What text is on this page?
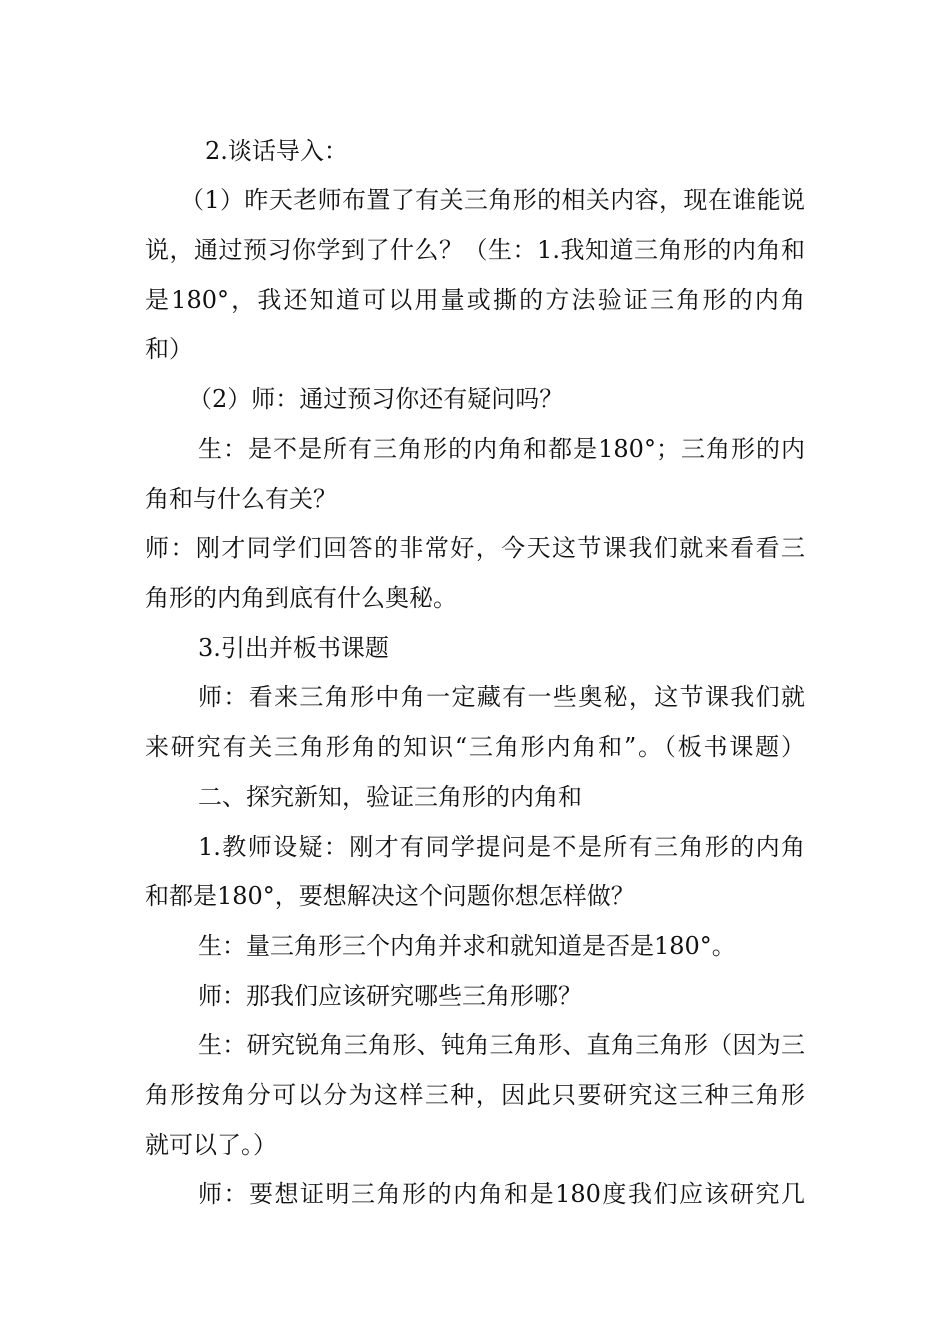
2.谈话导入：
（1）昨天老师布置了有关三角形的相关内容，现在谁能说
说，通过预习你学到了什么？（生：1.我知道三角形的内角和
是180°，我还知道可以用量或撕的方法验证三角形的内角
和）
（2）师：通过预习你还有疑问吗？
生：是不是所有三角形的内角和都是180°；三角形的内
角和与什么有关？
师：刚才同学们回答的非常好，今天这节课我们就来看看三
角形的内角到底有什么奥秘。
3.引出并板书课题
师：看来三角形中角一定藏有一些奥秘，这节课我们就
来研究有关三角形角的知识“三角形内角和”。（板书课题）
二、探究新知，验证三角形的内角和
1.教师设疑：刚才有同学提问是不是所有三角形的内角
和都是180°，要想解决这个问题你想怎样做？
生：量三角形三个内角并求和就知道是否是180°。
师：那我们应该研究哪些三角形哪？
生：研究锐角三角形、钝角三角形、直角三角形（因为三
角形按角分可以分为这样三种，因此只要研究这三种三角形
就可以了。）
师：要想证明三角形的内角和是180度我们应该研究几
